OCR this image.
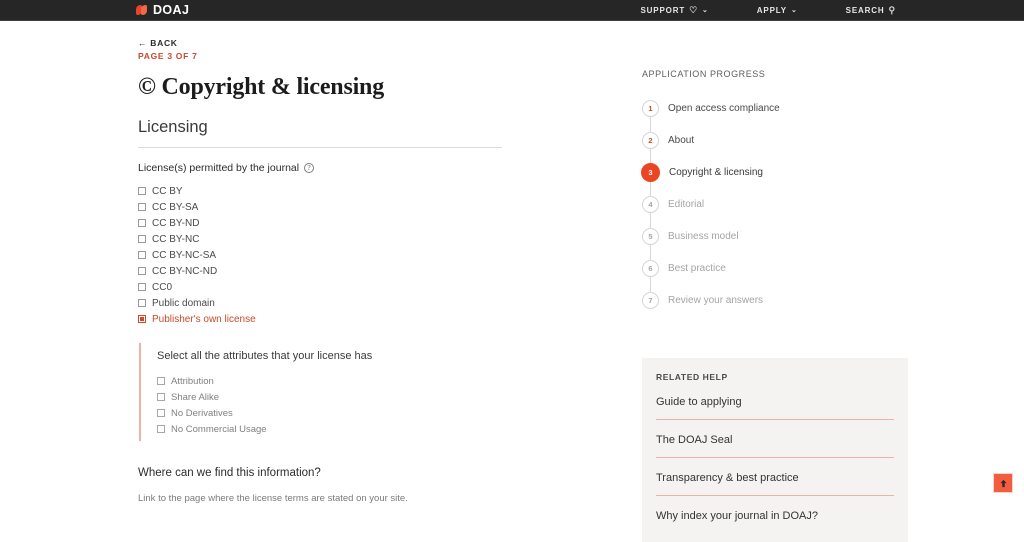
DOAJ	SUPPORT ♡ ⌄	APPLY ⌄	SEARCH ⚲
← BACK
PAGE 3 OF 7
© Copyright & licensing
Licensing
License(s) permitted by the journal	?
CC BY
CC BY-SA
CC BY-ND
CC BY-NC
CC BY-NC-SA
CC BY-NC-ND
CC0
Public domain
Publisher's own license
Select all the attributes that your license has
Attribution
Share Alike
No Derivatives
No Commercial Usage
Where can we find this information?
Link to the page where the license terms are stated on your site.
APPLICATION PROGRESS
1	Open access compliance
2	About
3	Copyright & licensing
4	Editorial
5	Business model
6	Best practice
7	Review your answers
RELATED HELP
Guide to applying
The DOAJ Seal
Transparency & best practice
Why index your journal in DOAJ?
